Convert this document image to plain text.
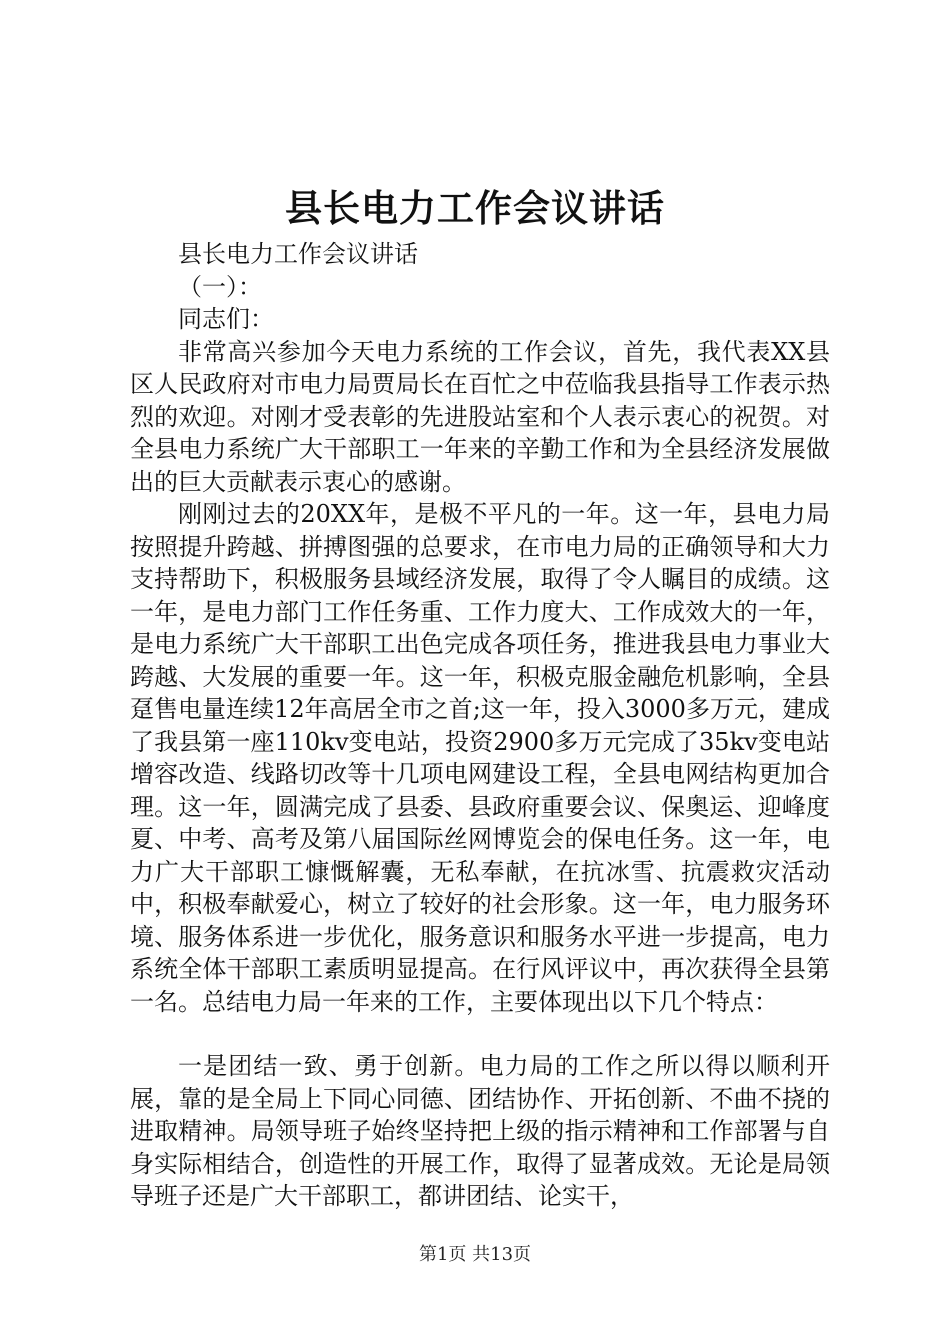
县长电力工作会议讲话

县长电力工作会议讲话

（一）：

同志们：

非常高兴参加今天电力系统的工作会议，首先，我代表XX县区人民政府对市电力局贾局长在百忙之中莅临我县指导工作表示热烈的欢迎。对刚才受表彰的先进股站室和个人表示衷心的祝贺。对全县电力系统广大干部职工一年来的辛勤工作和为全县经济发展做出的巨大贡献表示衷心的感谢。

刚刚过去的20XX年，是极不平凡的一年。这一年，县电力局按照提升跨越、拼搏图强的总要求，在市电力局的正确领导和大力支持帮助下，积极服务县域经济发展，取得了令人瞩目的成绩。这一年，是电力部门工作任务重、工作力度大、工作成效大的一年，是电力系统广大干部职工出色完成各项任务，推进我县电力事业大跨越、大发展的重要一年。这一年，积极克服金融危机影响，全县趸售电量连续12年高居全市之首;这一年，投入3000多万元，建成了我县第一座110kv变电站，投资2900多万元完成了35kv变电站增容改造、线路切改等十几项电网建设工程，全县电网结构更加合理。这一年，圆满完成了县委、县政府重要会议、保奥运、迎峰度夏、中考、高考及第八届国际丝网博览会的保电任务。这一年，电力广大干部职工慷慨解囊，无私奉献，在抗冰雪、抗震救灾活动中，积极奉献爱心，树立了较好的社会形象。这一年，电力服务环境、服务体系进一步优化，服务意识和服务水平进一步提高，电力系统全体干部职工素质明显提高。在行风评议中，再次获得全县第一名。总结电力局一年来的工作，主要体现出以下几个特点：

一是团结一致、勇于创新。电力局的工作之所以得以顺利开展，靠的是全局上下同心同德、团结协作、开拓创新、不曲不挠的进取精神。局领导班子始终坚持把上级的指示精神和工作部署与自身实际相结合，创造性的开展工作，取得了显著成效。无论是局领导班子还是广大干部职工，都讲团结、论实干，

第1页 共13页
